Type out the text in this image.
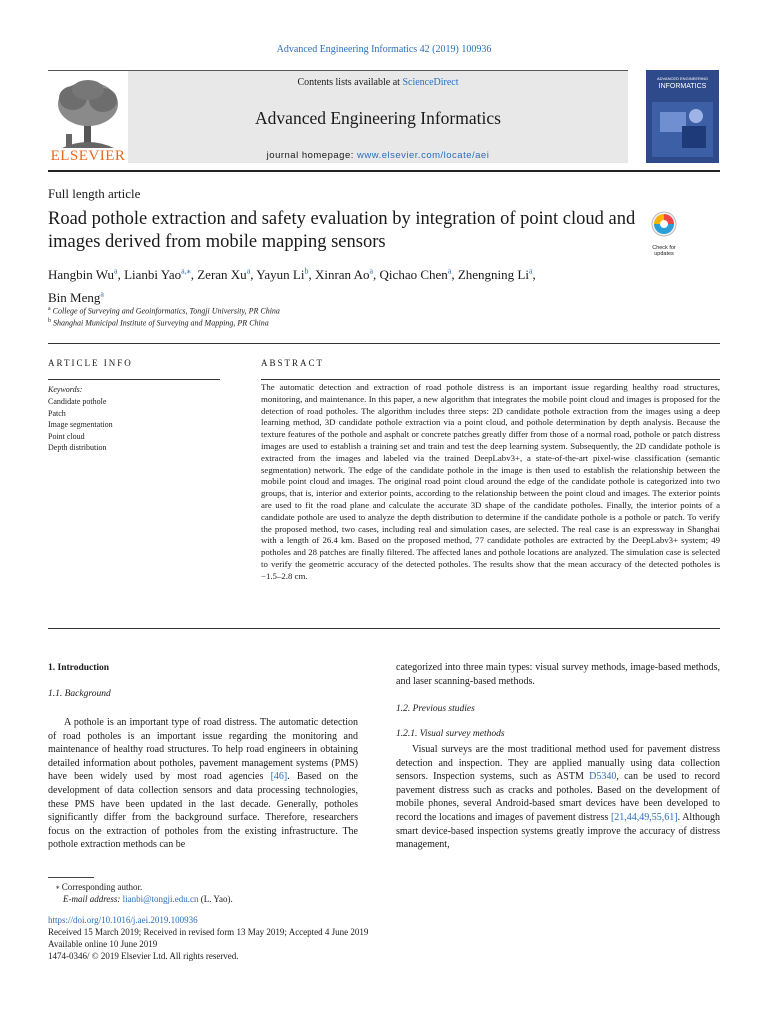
Advanced Engineering Informatics 42 (2019) 100936
ELSEVIER
Contents lists available at ScienceDirect
Advanced Engineering Informatics
journal homepage: www.elsevier.com/locate/aei
ADVANCED ENGINEERING
INFORMATICS
Full length article
Road pothole extraction and safety evaluation by integration of point cloud and images derived from mobile mapping sensors	Check for updates
Hangbin Wu$^a$, Lianbi Yao$^{a,⁎}$, Zeran Xu$^a$, Yayun Li$^b$, Xinran Ao$^a$, Qichao Chen$^a$, Zhengning Li$^a$,
Bin Meng$^a$
$^a$ College of Surveying and Geoinformatics, Tongji University, PR China
$^b$ Shanghai Municipal Institute of Surveying and Mapping, PR China
ARTICLE INFO	ABSTRACT
Keywords:
Candidate pothole
Patch
Image segmentation
Point cloud
Depth distribution
The automatic detection and extraction of road pothole distress is an important issue regarding healthy road structures, monitoring, and maintenance. In this paper, a new algorithm that integrates the mobile point cloud and images is proposed for the detection of road potholes. The algorithm includes three steps: 2D candidate pothole extraction from the images using a deep learning method, 3D candidate pothole extraction via a point cloud, and pothole determination by depth analysis. Because the texture features of the pothole and asphalt or concrete patches greatly differ from those of a normal road, pothole or patch distress images are used to establish a training set and train and test the deep learning system. Subsequently, the 2D candidate pothole is extracted from the images and labeled via the trained DeepLabv3+, a state-of-the-art pixel-wise classification (semantic segmentation) network. The edge of the candidate pothole in the image is then used to establish the relationship between the mobile point cloud and images. The original road point cloud around the edge of the candidate pothole is categorized into two groups, that is, interior and exterior points, according to the relationship between the point cloud and images. The exterior points are used to fit the road plane and calculate the accurate 3D shape of the candidate potholes. Finally, the interior points of a candidate pothole are used to analyze the depth distribution to determine if the candidate pothole is a pothole or patch. To verify the proposed method, two cases, including real and simulation cases, are selected. The real case is an expressway in Shanghai with a length of 26.4 km. Based on the proposed method, 77 candidate potholes are extracted by the DeepLabv3+ system; 49 potholes and 28 patches are finally filtered. The affected lanes and pothole locations are analyzed. The simulation case is selected to verify the geometric accuracy of the detected potholes. The results show that the mean accuracy of the detected potholes is −1.5–2.8 cm.
1. Introduction
1.1. Background
A pothole is an important type of road distress. The automatic detection of road potholes is an important issue regarding the monitoring and maintenance of healthy road structures. To help road engineers in obtaining detailed information about potholes, pavement management systems (PMS) have been widely used by most road agencies [46]. Based on the development of data collection sensors and data processing technologies, these PMS have been updated in the last decade. Generally, potholes significantly differ from the background surface. Therefore, researchers focus on the extraction of potholes from the existing infrastructure. The pothole extraction methods can be
categorized into three main types: visual survey methods, image-based methods, and laser scanning-based methods.
1.2. Previous studies
1.2.1. Visual survey methods
Visual surveys are the most traditional method used for pavement distress detection and inspection. They are applied manually using data collection sensors. Inspection systems, such as ASTM D5340, can be used to record pavement distress such as cracks and potholes. Based on the development of mobile phones, several Android-based smart devices have been developed to record the locations and images of pavement distress [21,44,49,55,61]. Although smart device-based inspection systems greatly improve the accuracy of distress management,
⁎ Corresponding author.
E-mail address: lianbi@tongji.edu.cn (L. Yao).
https://doi.org/10.1016/j.aei.2019.100936
Received 15 March 2019; Received in revised form 13 May 2019; Accepted 4 June 2019
Available online 10 June 2019
1474-0346/ © 2019 Elsevier Ltd. All rights reserved.
